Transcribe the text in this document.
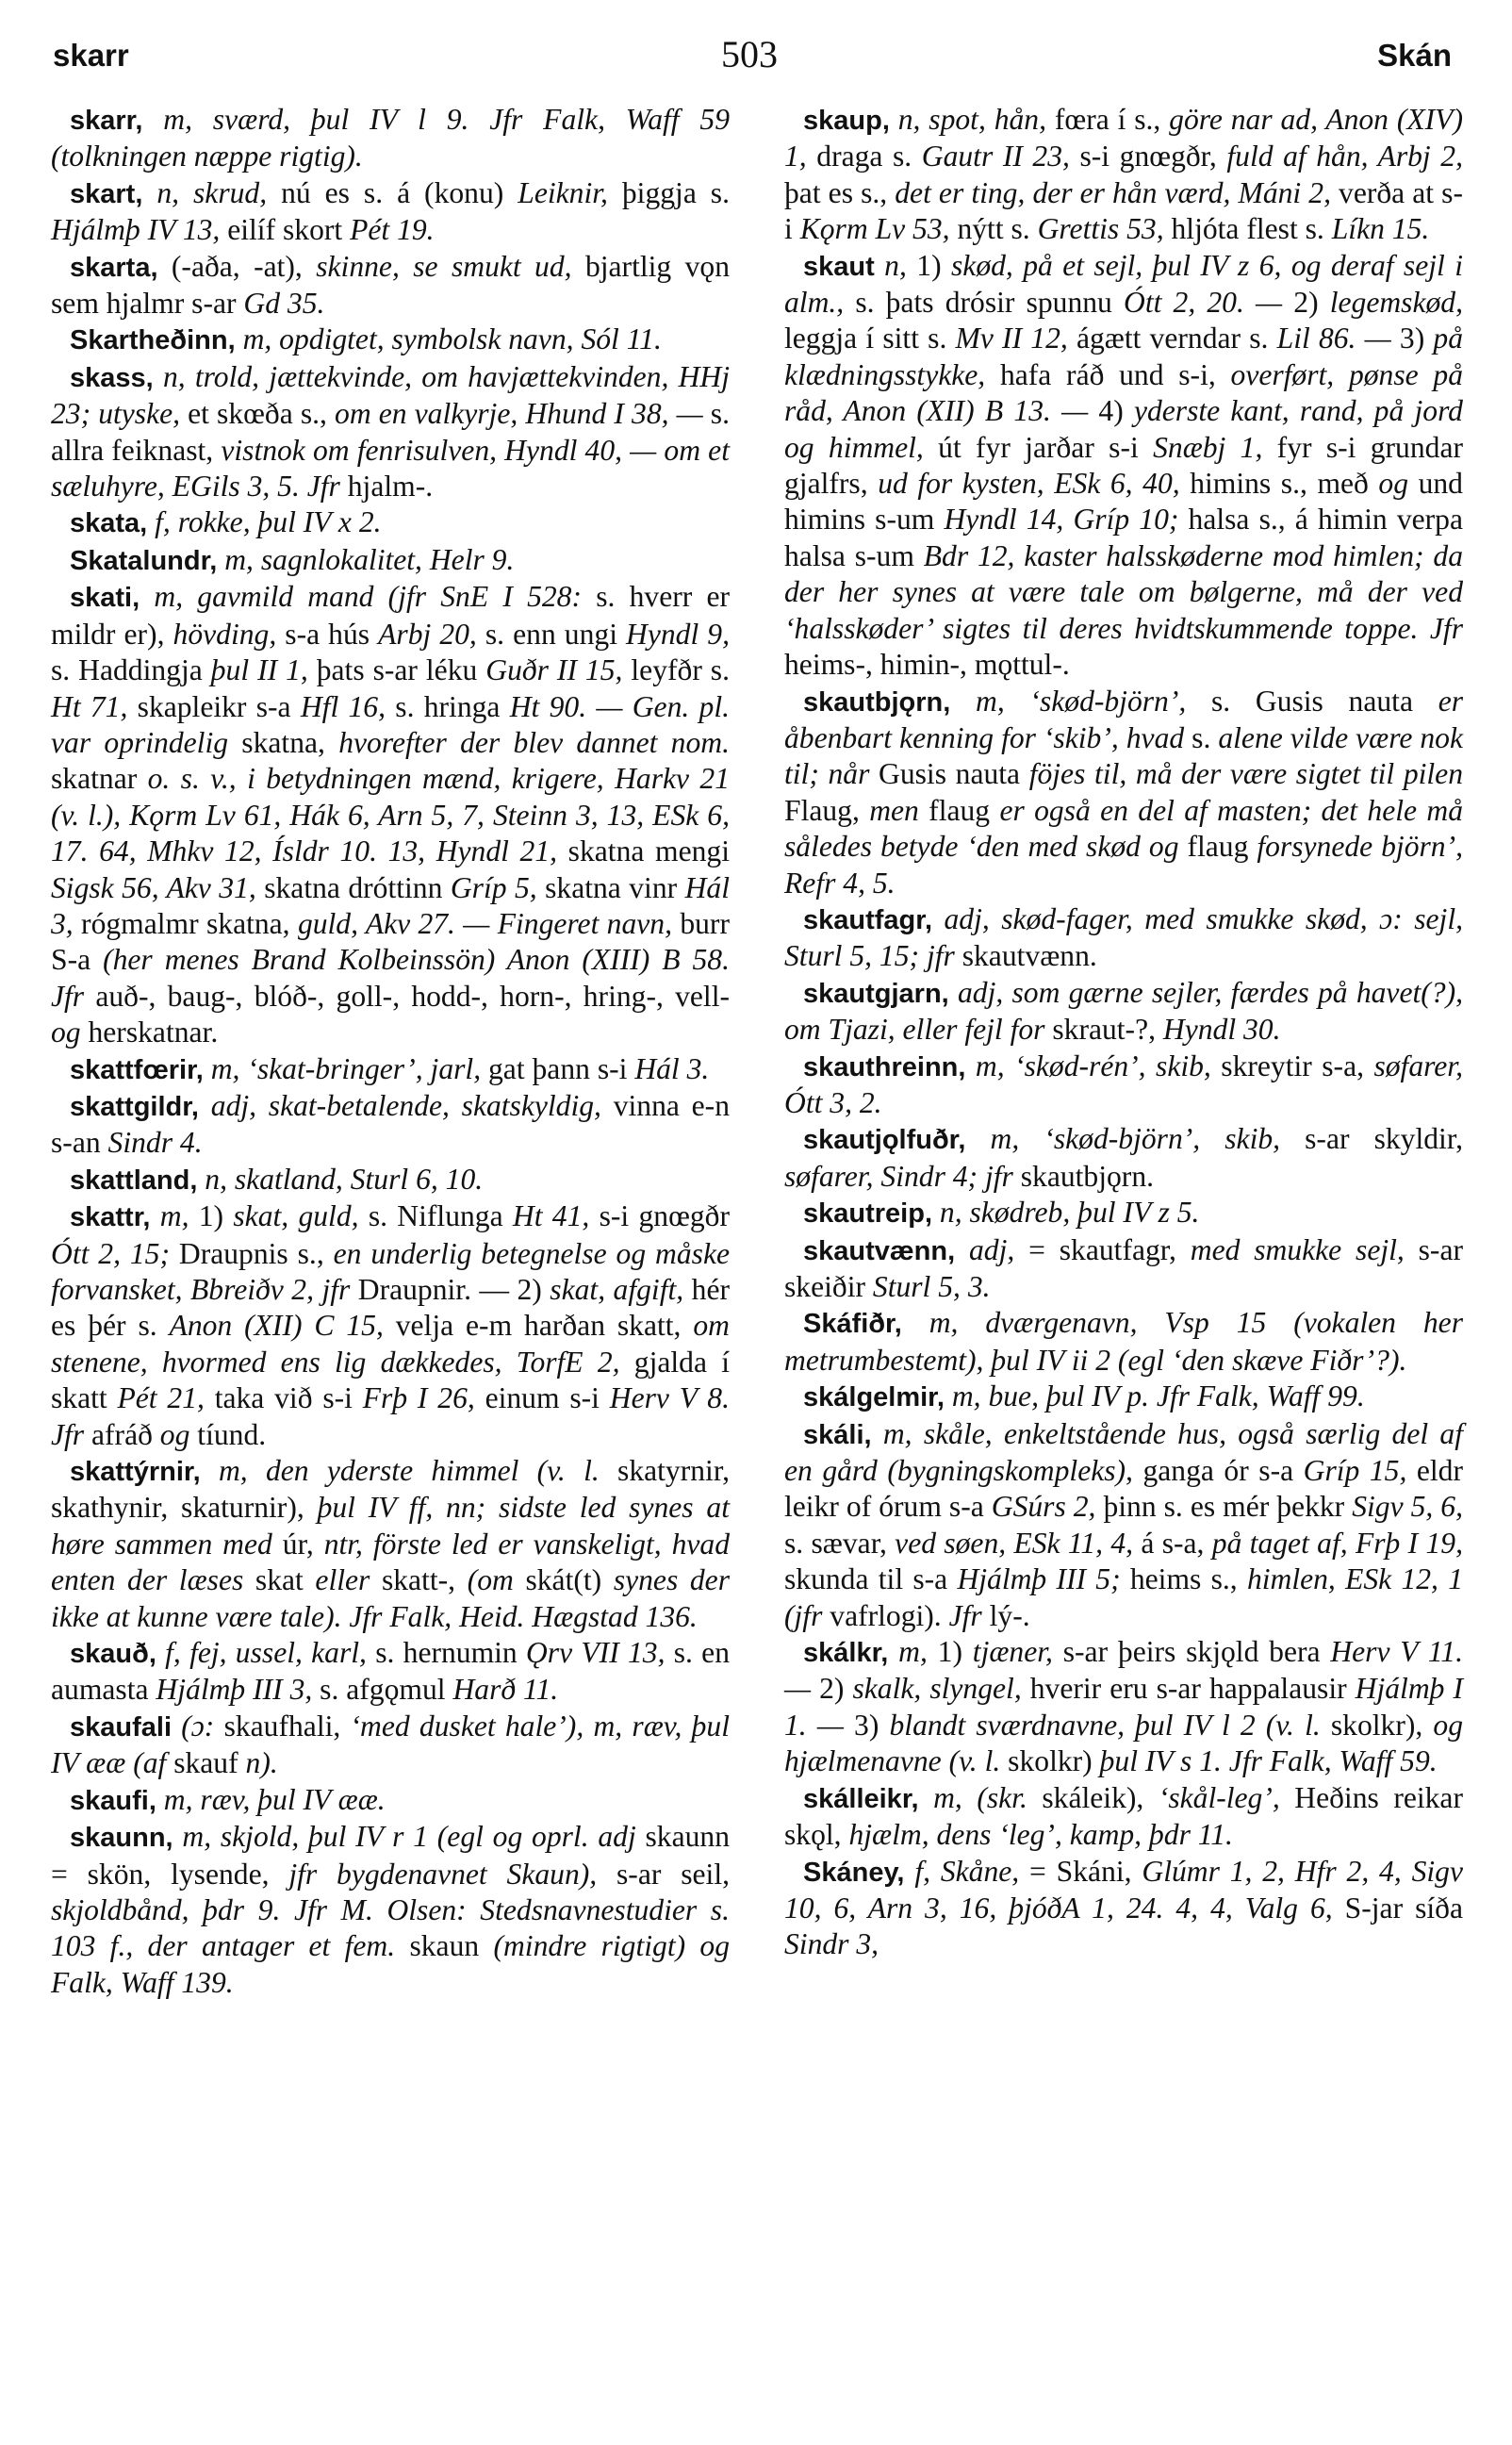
skarr	503	Skán

skarr, m, sværd, þul IV l 9. Jfr Falk, Waff 59 (tolkningen næppe rigtig).

skart, n, skrud, nú es s. á (konu) Leiknir, þiggja s. Hjálmþ IV 13, eilíf skort Pét 19.

skarta, (-aða, -at), skinne, se smukt ud, bjartlig vǫn sem hjalmr s-ar Gd 35.

Skartheðinn, m, opdigtet, symbolsk navn, Sól 11.

skass, n, trold, jættekvinde, om havjættekvinden, HHj 23; utyske, et skœða s., om en valkyrje, Hhund I 38, — s. allra feiknast, vistnok om fenrisulven, Hyndl 40, — om et sæluhyre, EGils 3, 5. Jfr hjalm-.

skata, f, rokke, þul IV x 2.

Skatalundr, m, sagnlokalitet, Helr 9.

skati, m, gavmild mand (jfr SnE I 528: s. hverr er mildr er), hövding, s-a hús Arbj 20, s. enn ungi Hyndl 9, s. Haddingja þul II 1, þats s-ar léku Guðr II 15, leyfðr s. Ht 71, skapleikr s-a Hfl 16, s. hringa Ht 90. — Gen. pl. var oprindelig skatna, hvorefter der blev dannet nom. skatnar o. s. v., i betydningen mænd, krigere, Harkv 21 (v. l.), Kǫrm Lv 61, Hák 6, Arn 5, 7, Steinn 3, 13, ESk 6, 17. 64, Mhkv 12, Ísldr 10. 13, Hyndl 21, skatna mengi Sigsk 56, Akv 31, skatna dróttinn Gríp 5, skatna vinr Hál 3, rógmalmr skatna, guld, Akv 27. — Fingeret navn, burr S-a (her menes Brand Kolbeinssön) Anon (XIII) B 58. Jfr auð-, baug-, blóð-, goll-, hodd-, horn-, hring-, vell- og herskatnar.

skattfœrir, m, ‘skat-bringer’, jarl, gat þann s-i Hál 3.

skattgildr, adj, skat-betalende, skatskyldig, vinna e-n s-an Sindr 4.

skattland, n, skatland, Sturl 6, 10.

skattr, m, 1) skat, guld, s. Niflunga Ht 41, s-i gnœgðr Ótt 2, 15; Draupnis s., en underlig betegnelse og måske forvansket, Bbreiðv 2, jfr Draupnir. — 2) skat, afgift, hér es þér s. Anon (XII) C 15, velja e-m harðan skatt, om stenene, hvormed ens lig dækkedes, TorfE 2, gjalda í skatt Pét 21, taka við s-i Frþ I 26, einum s-i Herv V 8. Jfr afráð og tíund.

skattýrnir, m, den yderste himmel (v. l. skatyrnir, skathynir, skaturnir), þul IV ff, nn; sidste led synes at høre sammen med úr, ntr, förste led er vanskeligt, hvad enten der læses skat eller skatt-, (om skát(t) synes der ikke at kunne være tale). Jfr Falk, Heid. Hægstad 136.

skauð, f, fej, ussel, karl, s. hernumin Ǫrv VII 13, s. en aumasta Hjálmþ III 3, s. afgǫmul Harð 11.

skaufali (ɔ: skaufhali, ‘med dusket hale’), m, ræv, þul IV ææ (af skauf n).

skaufi, m, ræv, þul IV ææ.

skaunn, m, skjold, þul IV r 1 (egl og oprl. adj skaunn = skön, lysende, jfr bygdenavnet Skaun), s-ar seil, skjoldbånd, þdr 9. Jfr M. Olsen: Stedsnavnestudier s. 103 f., der antager et fem. skaun (mindre rigtigt) og Falk, Waff 139.

skaup, n, spot, hån, fœra í s., göre nar ad, Anon (XIV) 1, draga s. Gautr II 23, s-i gnœgðr, fuld af hån, Arbj 2, þat es s., det er ting, der er hån værd, Máni 2, verða at s-i Kǫrm Lv 53, nýtt s. Grettis 53, hljóta flest s. Líkn 15.

skaut n, 1) skød, på et sejl, þul IV z 6, og deraf sejl i alm., s. þats drósir spunnu Ótt 2, 20. — 2) legemskød, leggja í sitt s. Mv II 12, ágætt verndar s. Lil 86. — 3) på klædningsstykke, hafa ráð und s-i, overført, pønse på råd, Anon (XII) B 13. — 4) yderste kant, rand, på jord og himmel, út fyr jarðar s-i Snæbj 1, fyr s-i grundar gjalfrs, ud for kysten, ESk 6, 40, himins s., með og und himins s-um Hyndl 14, Gríp 10; halsa s., á himin verpa halsa s-um Bdr 12, kaster halsskøderne mod himlen; da der her synes at være tale om bølgerne, må der ved ‘halsskøder’ sigtes til deres hvidtskummende toppe. Jfr heims-, himin-, mǫttul-.

skautbjǫrn, m, ‘skød-björn’, s. Gusis nauta er åbenbart kenning for ‘skib’, hvad s. alene vilde være nok til; når Gusis nauta föjes til, må der være sigtet til pilen Flaug, men flaug er også en del af masten; det hele må således betyde ‘den med skød og flaug forsynede björn’, Refr 4, 5.

skautfagr, adj, skød-fager, med smukke skød, ɔ: sejl, Sturl 5, 15; jfr skautvænn.

skautgjarn, adj, som gærne sejler, færdes på havet(?), om Tjazi, eller fejl for skraut-?, Hyndl 30.

skauthreinn, m, ‘skød-rén’, skib, skreytir s-a, søfarer, Ótt 3, 2.

skautjǫlfuðr, m, ‘skød-björn’, skib, s-ar skyldir, søfarer, Sindr 4; jfr skautbjǫrn.

skautreip, n, skødreb, þul IV z 5.

skautvænn, adj, = skautfagr, med smukke sejl, s-ar skeiðir Sturl 5, 3.

Skáfiðr, m, dværgenavn, Vsp 15 (vokalen her metrumbestemt), þul IV ii 2 (egl ‘den skæve Fiðr’?).

skálgelmir, m, bue, þul IV p. Jfr Falk, Waff 99.

skáli, m, skåle, enkeltstående hus, også særlig del af en gård (bygningskompleks), ganga ór s-a Gríp 15, eldr leikr of órum s-a GSúrs 2, þinn s. es mér þekkr Sigv 5, 6, s. sævar, ved søen, ESk 11, 4, á s-a, på taget af, Frþ I 19, skunda til s-a Hjálmþ III 5; heims s., himlen, ESk 12, 1 (jfr vafrlogi). Jfr lý-.

skálkr, m, 1) tjæner, s-ar þeirs skjǫld bera Herv V 11. — 2) skalk, slyngel, hverir eru s-ar happalausir Hjálmþ I 1. — 3) blandt sværdnavne, þul IV l 2 (v. l. skolkr), og hjælmenavne (v. l. skolkr) þul IV s 1. Jfr Falk, Waff 59.

skálleikr, m, (skr. skáleik), ‘skål-leg’, Heðins reikar skǫl, hjælm, dens ‘leg’, kamp, þdr 11.

Skáney, f, Skåne, = Skáni, Glúmr 1, 2, Hfr 2, 4, Sigv 10, 6, Arn 3, 16, þjóðA 1, 24. 4, 4, Valg 6, S-jar síða Sindr 3,
